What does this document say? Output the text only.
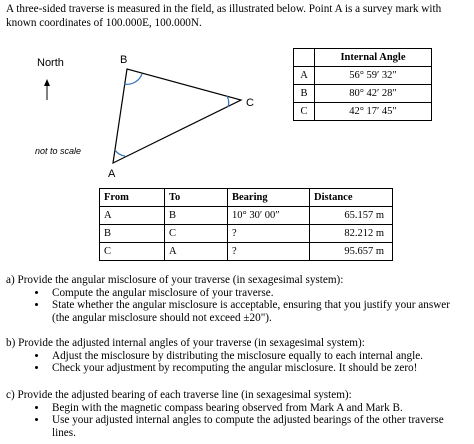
A three-sided traverse is measured in the field, as illustrated below. Point A is a survey mark with known coordinates of 100.000E, 100.000N.
North
A
B
C
not to scale
	Internal Angle
A	56° 59′ 32″
B	80° 42′ 28″
C	42° 17′ 45″
From	To	Bearing	Distance
A	B	10° 30′ 00″	65.157 m
B	C	?	82.212 m
C	A	?	95.657 m
a) Provide the angular misclosure of your traverse (in sexagesimal system):
• Compute the angular misclosure of your traverse.
• State whether the angular misclosure is acceptable, ensuring that you justify your answer (the angular misclosure should not exceed ±20").
b) Provide the adjusted internal angles of your traverse (in sexagesimal system):
• Adjust the misclosure by distributing the misclosure equally to each internal angle.
• Check your adjustment by recomputing the angular misclosure. It should be zero!
c) Provide the adjusted bearing of each traverse line (in sexagesimal system):
• Begin with the magnetic compass bearing observed from Mark A and Mark B.
• Use your adjusted internal angles to compute the adjusted bearings of the other traverse lines.
